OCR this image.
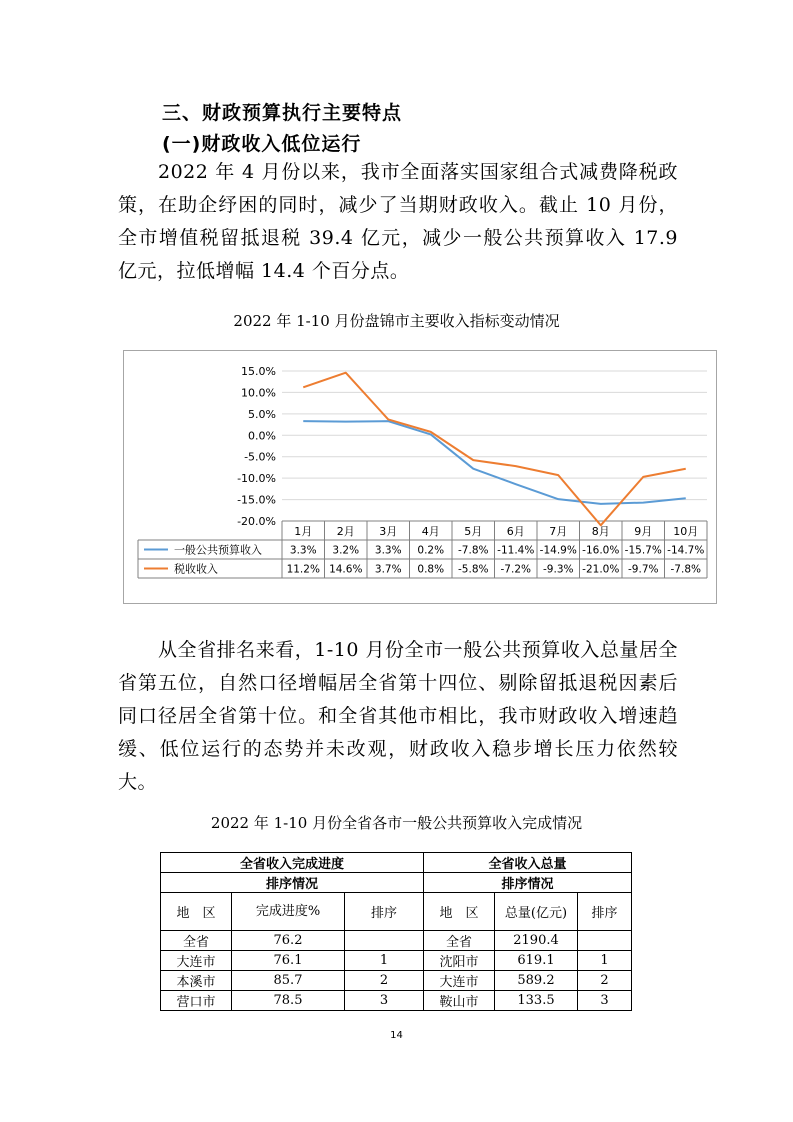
三、财政预算执行主要特点
(一)财政收入低位运行

2022 年 4 月份以来，我市全面落实国家组合式减费降税政策，在助企纾困的同时，减少了当期财政收入。截止 10 月份，全市增值税留抵退税 39.4 亿元，减少一般公共预算收入 17.9 亿元，拉低增幅 14.4 个百分点。

2022 年 1-10 月份盘锦市主要收入指标变动情况
15.0%
10.0%
5.0%
0.0%
-5.0%
-10.0%
-15.0%
-20.0%
1月 2月 3月 4月 5月 6月 7月 8月 9月 10月
一般公共预算收入	3.3% 3.2% 3.3% 0.2% -7.8% -11.4% -14.9% -16.0% -15.7% -14.7%
税收收入	11.2% 14.6% 3.7% 0.8% -5.8% -7.2% -9.3% -21.0% -9.7% -7.8%

从全省排名来看，1-10 月份全市一般公共预算收入总量居全省第五位，自然口径增幅居全省第十四位、剔除留抵退税因素后同口径居全省第十位。和全省其他市相比，我市财政收入增速趋缓、低位运行的态势并未改观，财政收入稳步增长压力依然较大。

2022 年 1-10 月份全省各市一般公共预算收入完成情况
全省收入完成进度			全省收入总量		
排序情况			排序情况		
地　区	完成进度%	排序	地　区	总量(亿元)	排序
全省	76.2		全省	2190.4	
大连市	76.1	1	沈阳市	619.1	1
本溪市	85.7	2	大连市	589.2	2
营口市	78.5	3	鞍山市	133.5	3
14
